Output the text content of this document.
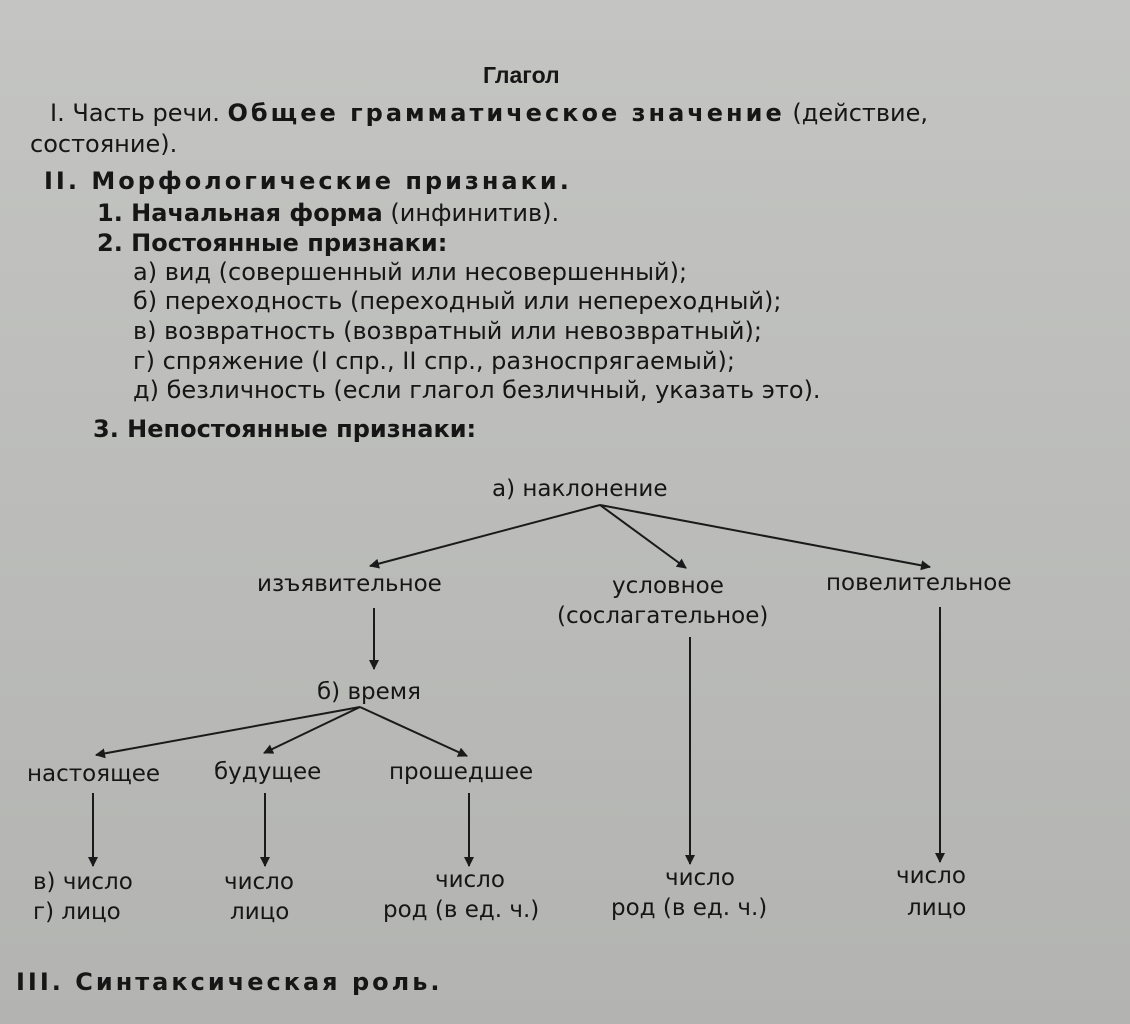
Глагол
I. Часть речи. Общее грамматическое значение (действие,
состояние).
II. Морфологические признаки.
1. Начальная форма (инфинитив).
2. Постоянные признаки:
а) вид (совершенный или несовершенный);
б) переходность (переходный или непереходный);
в) возвратность (возвратный или невозвратный);
г) спряжение (I спр., II спр., разноспрягаемый);
д) безличность (если глагол безличный, указать это).
3. Непостоянные признаки:
а) наклонение
изъявительное	условное
(сослагательное)
повелительное
б) время
настоящее будущее	прошедшее
в) число
г) лицо
число
лицо
число
род (в ед. ч.)
число
род (в ед. ч.)
число
лицо
III. Синтаксическая роль.
